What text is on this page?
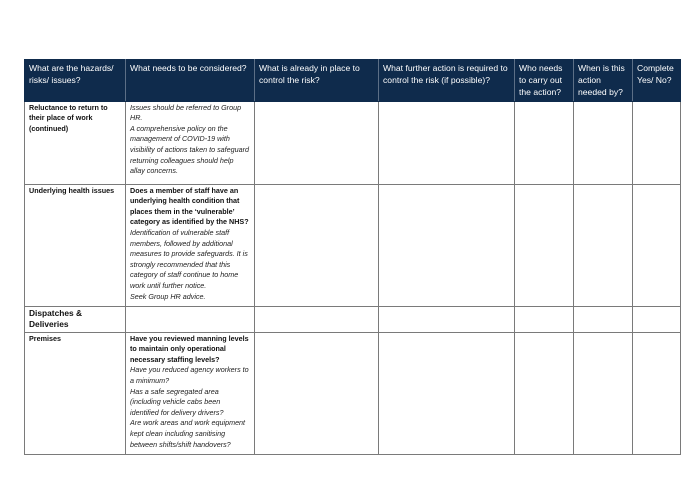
What are the hazards/ risks/ issues?	What needs to be considered?	What is already in place to control the risk?	What further action is required to control the risk (if possible)?	Who needs to carry out the action?	When is this action needed by?	Complete Yes/ No?
Reluctance to return to their place of work (continued)	Issues should be referred to Group HR.
A comprehensive policy on the management of COVID-19 with visibility of actions taken to safeguard returning colleagues should help allay concerns.					

Underlying health issues	Does a member of staff have an underlying health condition that places them in the ‘vulnerable’ category as identified by the NHS?
Identification of vulnerable staff members, followed by additional measures to provide safeguards. It is strongly recommended that this category of staff continue to home work until further notice.
Seek Group HR advice.					

Dispatches & Deliveries						
Premises	Have you reviewed manning levels to maintain only operational necessary staffing levels?
Have you reduced agency workers to a minimum?
Has a safe segregated area (including vehicle cabs been identified for delivery drivers?
Are work areas and work equipment kept clean including sanitising between shifts/shift handovers?					
